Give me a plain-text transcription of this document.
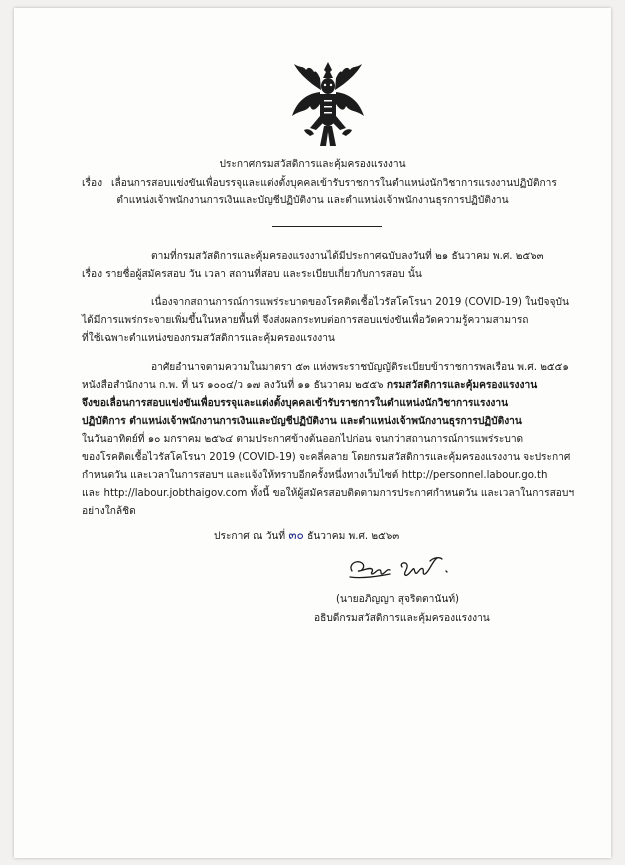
ประกาศกรมสวัสดิการและคุ้มครองแรงงาน
เรื่อง เลื่อนการสอบแข่งขันเพื่อบรรจุและแต่งตั้งบุคคลเข้ารับราชการในตำแหน่งนักวิชาการแรงงานปฏิบัติการ
ตำแหน่งเจ้าพนักงานการเงินและบัญชีปฏิบัติงาน และตำแหน่งเจ้าพนักงานธุรการปฏิบัติงาน
ตามที่กรมสวัสดิการและคุ้มครองแรงงานได้มีประกาศฉบับลงวันที่ ๒๑ ธันวาคม พ.ศ. ๒๕๖๓
เรื่อง รายชื่อผู้สมัครสอบ วัน เวลา สถานที่สอบ และระเบียบเกี่ยวกับการสอบ นั้น
เนื่องจากสถานการณ์การแพร่ระบาดของโรคติดเชื้อไวรัสโคโรนา 2019 (COVID-19) ในปัจจุบัน
ได้มีการแพร่กระจายเพิ่มขึ้นในหลายพื้นที่ จึงส่งผลกระทบต่อการสอบแข่งขันเพื่อวัดความรู้ความสามารถ
ที่ใช้เฉพาะตำแหน่งของกรมสวัสดิการและคุ้มครองแรงงาน
อาศัยอำนาจตามความในมาตรา ๕๓ แห่งพระราชบัญญัติระเบียบข้าราชการพลเรือน พ.ศ. ๒๕๕๑
หนังสือสำนักงาน ก.พ. ที่ นร ๑๐๐๔/ว ๑๗ ลงวันที่ ๑๑ ธันวาคม ๒๕๕๖ กรมสวัสดิการและคุ้มครองแรงงาน
จึงขอเลื่อนการสอบแข่งขันเพื่อบรรจุและแต่งตั้งบุคคลเข้ารับราชการในตำแหน่งนักวิชาการแรงงาน
ปฏิบัติการ ตำแหน่งเจ้าพนักงานการเงินและบัญชีปฏิบัติงาน และตำแหน่งเจ้าพนักงานธุรการปฏิบัติงาน
ในวันอาทิตย์ที่ ๑๐ มกราคม ๒๕๖๔ ตามประกาศข้างต้นออกไปก่อน จนกว่าสถานการณ์การแพร่ระบาด
ของโรคติดเชื้อไวรัสโคโรนา 2019 (COVID-19) จะคลี่คลาย โดยกรมสวัสดิการและคุ้มครองแรงงาน จะประกาศ
กำหนดวัน และเวลาในการสอบฯ และแจ้งให้ทราบอีกครั้งหนึ่งทางเว็บไซต์ http://personnel.labour.go.th
และ http://labour.jobthaigov.com ทั้งนี้ ขอให้ผู้สมัครสอบติดตามการประกาศกำหนดวัน และเวลาในการสอบฯ
อย่างใกล้ชิด
ประกาศ ณ วันที่ ๓๐ ธันวาคม พ.ศ. ๒๕๖๓
(นายอภิญญา สุจริตตานันท์)
อธิบดีกรมสวัสดิการและคุ้มครองแรงงาน
